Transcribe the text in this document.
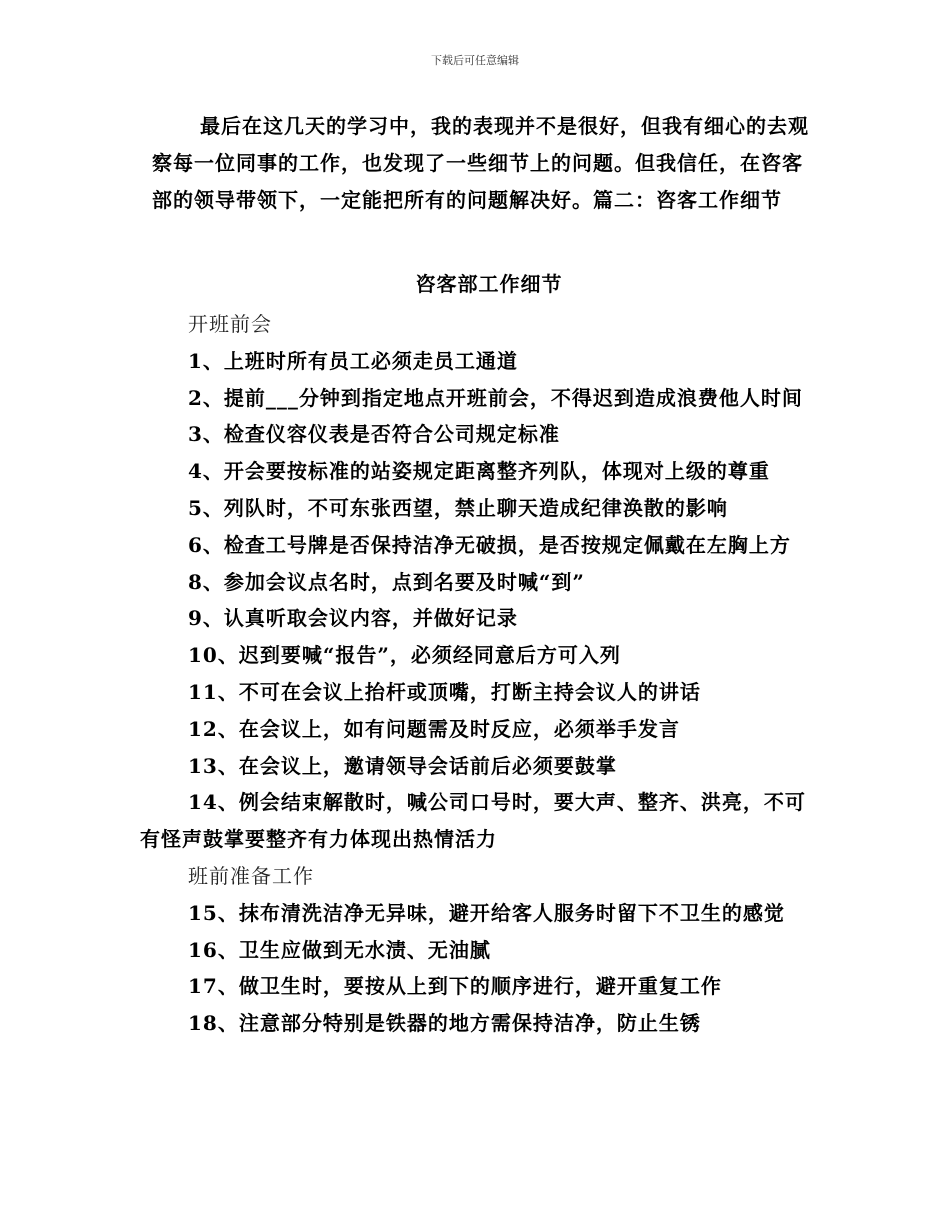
下载后可任意编辑
最后在这几天的学习中，我的表现并不是很好，但我有细心的去观察每一位同事的工作，也发现了一些细节上的问题。但我信任，在咨客部的领导带领下，一定能把所有的问题解决好。篇二：咨客工作细节
咨客部工作细节
开班前会
1、上班时所有员工必须走员工通道
2、提前___分钟到指定地点开班前会，不得迟到造成浪费他人时间
3、检查仪容仪表是否符合公司规定标准
4、开会要按标准的站姿规定距离整齐列队，体现对上级的尊重
5、列队时，不可东张西望，禁止聊天造成纪律涣散的影响
6、检查工号牌是否保持洁净无破损，是否按规定佩戴在左胸上方
8、参加会议点名时，点到名要及时喊“到”
9、认真听取会议内容，并做好记录
10、迟到要喊“报告”，必须经同意后方可入列
11、不可在会议上抬杆或顶嘴，打断主持会议人的讲话
12、在会议上，如有问题需及时反应，必须举手发言
13、在会议上，邀请领导会话前后必须要鼓掌
14、例会结束解散时，喊公司口号时，要大声、整齐、洪亮，不可有怪声鼓掌要整齐有力体现出热情活力
班前准备工作
15、抹布清洗洁净无异味，避开给客人服务时留下不卫生的感觉
16、卫生应做到无水渍、无油腻
17、做卫生时，要按从上到下的顺序进行，避开重复工作
18、注意部分特别是铁器的地方需保持洁净，防止生锈
